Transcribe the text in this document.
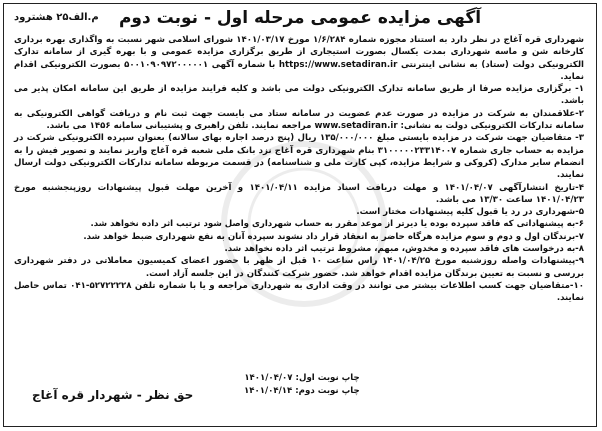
م.الف۲۵ هشترود	آگهی مزایده عمومی مرحله اول - نوبت دوم

شهرداری قره آغاج در نظر دارد به استناد مجوزه شماره ۱/۶/۲۸۴ مورخ ۱۴۰۱/۰۳/۱۷ شورای اسلامی شهر نسبت به واگذاری بهره برداری کارخانه شن و ماسه شهرداری بمدت یکسال بصورت استیجاری از طریق برگزاری مزایده عمومی و با بهره گیری از سامانه تدارک الکترونیکی دولت (ستاد) به نشانی اینترنتی https://www.setadiran.ir با شماره آگهی ۵۰۰۱۰۹۰۹۷۲۰۰۰۰۰۱ بصورت الکترونیکی اقدام نماید.

۱- برگزاری مزایده صرفا از طریق سامانه تدارک الکترونیکی دولت می باشد و کلیه فرایند مزایده از طریق این سامانه امکان پذیر می باشد.

۲-علاقمندان به شرکت در مزایده در صورت عدم عضویت در سامانه ستاد می بایست جهت ثبت نام و دریافت گواهی الکترونیکی به سامانه تدارکات الکترونیکی دولت به نشانی: www.setadiran.ir مراجعه نمایند. تلفن راهبری و پشتیبانی سامانه ۱۴۵۶ می باشد.

۳- متقاضیان جهت شرکت در مزایده بایستی مبلغ ۱۳۵/۰۰۰/۰۰۰ ریال (پنج درصد اجاره بهای سالانه) بعنوان سپرده الکترونیکی شرکت در مزایده به حساب جاری شماره ۳۱۰۰۰۰۰۲۳۳۱۴۰۰۷ بنام شهرداری قره آغاج نزد بانک ملی شعبه قره آغاج واریز نمایند و تصویر فیش را به انضمام سایر مدارک (کروکی و شرایط مزایده، کپی کارت ملی و شناسنامه) در قسمت مربوطه سامانه تدارکات الکترونیکی دولت ارسال نمایند.

۴-تاریخ انتشارآگهی ۱۴۰۱/۰۴/۰۷ و مهلت دریافت اسناد مزایده ۱۴۰۱/۰۴/۱۱ و آخرین مهلت قبول پیشنهادات روزپنجشنبه مورخ ۱۴۰۱/۰۴/۲۳ ساعت ۱۳/۳۰ می باشد.

۵-شهرداری در رد یا قبول کلیه پیشنهادات مختار است.

۶-به پیشنهاداتی که فاقد سپرده بوده یا دیرتر از موعد مقرر به حساب شهرداری واصل شود ترتیب اثر داده نخواهد شد.

۷-برندگان اول و دوم و سوم مزایده هرگاه حاضر به انعقاد قرار داد نشوند سپرده آنان به نفع شهرداری ضبط خواهد شد.

۸-به درخواست های فاقد سپرده و مخدوش، مبهم، مشروط ترتیب اثر داده نخواهد شد.

۹-پیشنهادات واصله روزشنبه مورخ ۱۴۰۱/۰۴/۲۵ راس ساعت ۱۰ قبل از ظهر با حضور اعضای کمیسیون معاملاتی در دفتر شهرداری بررسی و نسبت به تعیین برندگان مزایده اقدام خواهد شد. حضور شرکت کنندگان در این جلسه آزاد است.

۱۰-متقاضیان جهت کسب اطلاعات بیشتر می توانند در وقت اداری به شهرداری مراجعه و یا با شماره تلفن ۵۲۷۲۲۲۲۸-۰۴۱ تماس حاصل نمایند.

چاپ نوبت اول: ۱۴۰۱/۰۴/۰۷
چاپ نوبت دوم: ۱۴۰۱/۰۴/۱۴
حق نظر - شهردار قره آغاج
